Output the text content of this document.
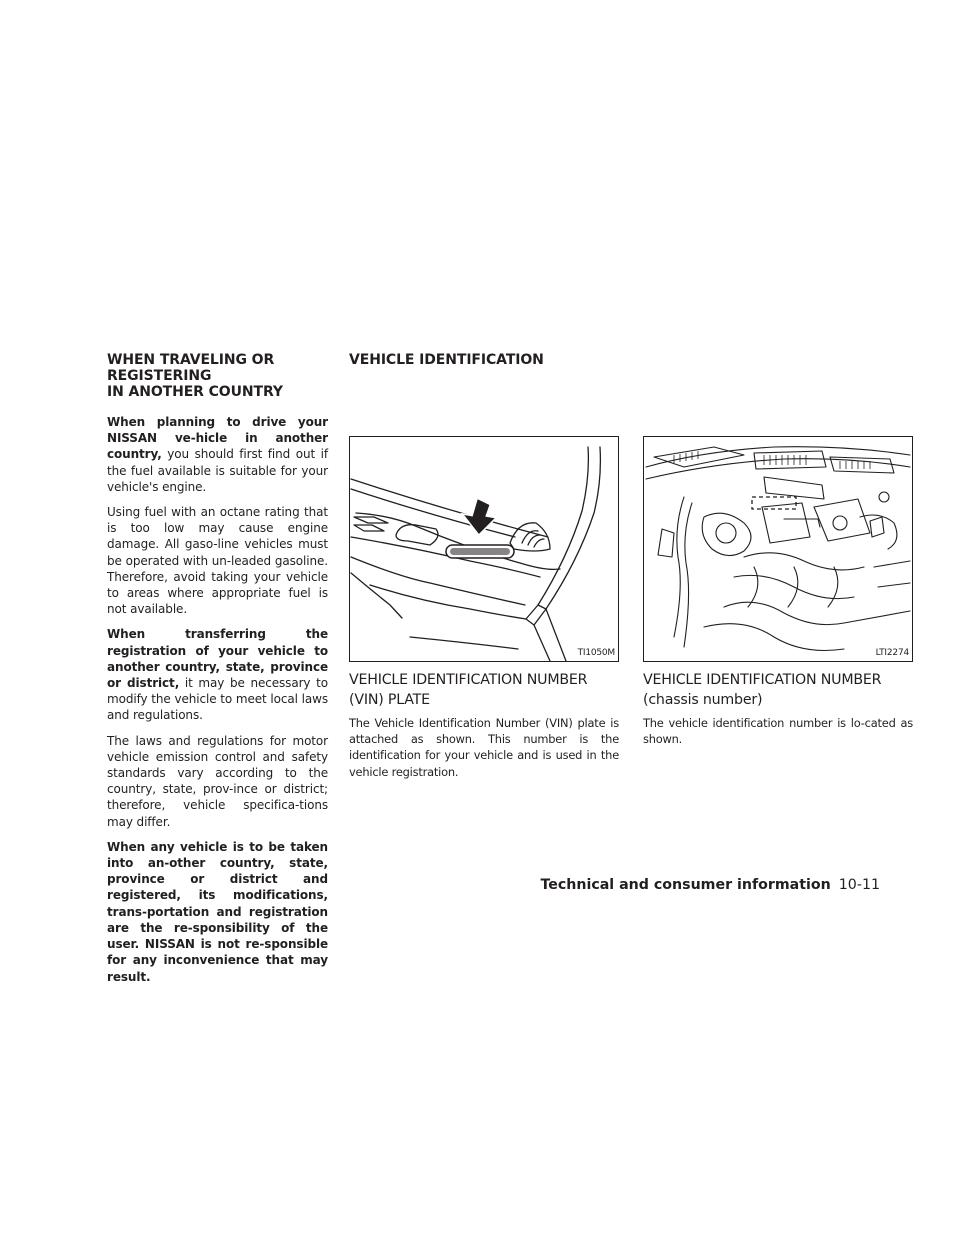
WHEN TRAVELING OR REGISTERING
IN ANOTHER COUNTRY

When planning to drive your NISSAN ve-hicle in another country, you should first find out if the fuel available is suitable for your vehicle's engine.

Using fuel with an octane rating that is too low may cause engine damage. All gaso-line vehicles must be operated with un-leaded gasoline. Therefore, avoid taking your vehicle to areas where appropriate fuel is not available.

When transferring the registration of your vehicle to another country, state, province or district, it may be necessary to modify the vehicle to meet local laws and regulations.

The laws and regulations for motor vehicle emission control and safety standards vary according to the country, state, prov-ince or district; therefore, vehicle specifica-tions may differ.

When any vehicle is to be taken into an-other country, state, province or district and registered, its modifications, trans-portation and registration are the re-sponsibility of the user. NISSAN is not re-sponsible for any inconvenience that may result.

VEHICLE IDENTIFICATION
TI1050M	LTI2274
VEHICLE IDENTIFICATION NUMBER
(VIN) PLATE
The Vehicle Identification Number (VIN) plate is attached as shown. This number is the identification for your vehicle and is used in the vehicle registration.
VEHICLE IDENTIFICATION NUMBER
(chassis number)
The vehicle identification number is lo-cated as shown.
Technical and consumer information 10-11
